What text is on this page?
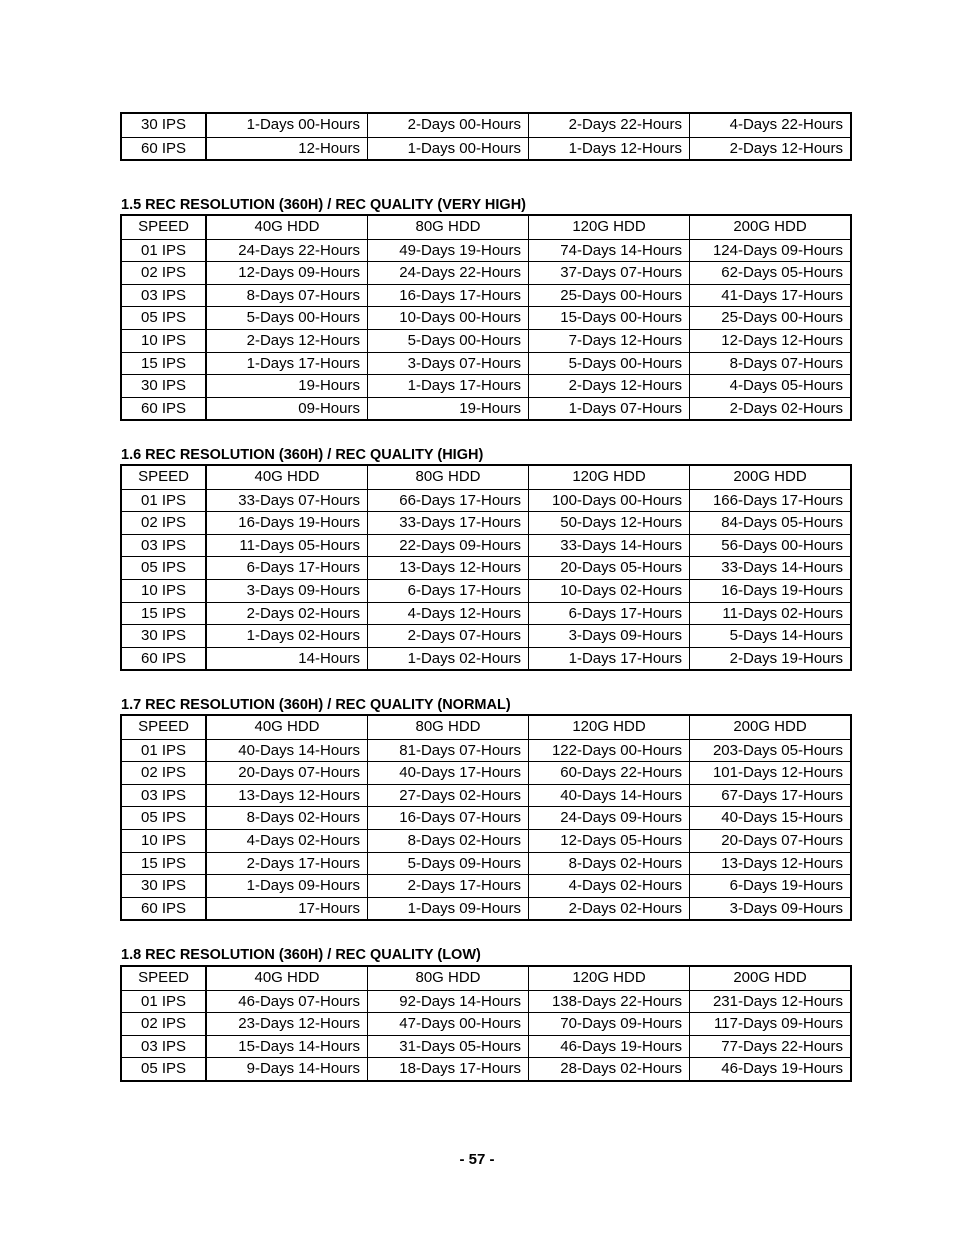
30 IPS	1-Days 00-Hours	2-Days 00-Hours	2-Days 22-Hours	4-Days 22-Hours
60 IPS	12-Hours	1-Days 00-Hours	1-Days 12-Hours	2-Days 12-Hours
1.5 REC RESOLUTION (360H) / REC QUALITY (VERY HIGH)
1.6 REC RESOLUTION (360H) / REC QUALITY (HIGH)
1.7 REC RESOLUTION (360H) / REC QUALITY (NORMAL)
1.8 REC RESOLUTION (360H) / REC QUALITY (LOW)
SPEED	40G HDD	80G HDD	120G HDD	200G HDD
01 IPS	24-Days 22-Hours	49-Days 19-Hours	74-Days 14-Hours	124-Days 09-Hours
02 IPS	12-Days 09-Hours	24-Days 22-Hours	37-Days 07-Hours	62-Days 05-Hours
03 IPS	8-Days 07-Hours	16-Days 17-Hours	25-Days 00-Hours	41-Days 17-Hours
05 IPS	5-Days 00-Hours	10-Days 00-Hours	15-Days 00-Hours	25-Days 00-Hours
10 IPS	2-Days 12-Hours	5-Days 00-Hours	7-Days 12-Hours	12-Days 12-Hours
15 IPS	1-Days 17-Hours	3-Days 07-Hours	5-Days 00-Hours	8-Days 07-Hours
30 IPS	19-Hours	1-Days 17-Hours	2-Days 12-Hours	4-Days 05-Hours
60 IPS	09-Hours	19-Hours	1-Days 07-Hours	2-Days 02-Hours
SPEED	40G HDD	80G HDD	120G HDD	200G HDD
01 IPS	33-Days 07-Hours	66-Days 17-Hours	100-Days 00-Hours	166-Days 17-Hours
02 IPS	16-Days 19-Hours	33-Days 17-Hours	50-Days 12-Hours	84-Days 05-Hours
03 IPS	11-Days 05-Hours	22-Days 09-Hours	33-Days 14-Hours	56-Days 00-Hours
05 IPS	6-Days 17-Hours	13-Days 12-Hours	20-Days 05-Hours	33-Days 14-Hours
10 IPS	3-Days 09-Hours	6-Days 17-Hours	10-Days 02-Hours	16-Days 19-Hours
15 IPS	2-Days 02-Hours	4-Days 12-Hours	6-Days 17-Hours	11-Days 02-Hours
30 IPS	1-Days 02-Hours	2-Days 07-Hours	3-Days 09-Hours	5-Days 14-Hours
60 IPS	14-Hours	1-Days 02-Hours	1-Days 17-Hours	2-Days 19-Hours
SPEED	40G HDD	80G HDD	120G HDD	200G HDD
01 IPS	40-Days 14-Hours	81-Days 07-Hours	122-Days 00-Hours	203-Days 05-Hours
02 IPS	20-Days 07-Hours	40-Days 17-Hours	60-Days 22-Hours	101-Days 12-Hours
03 IPS	13-Days 12-Hours	27-Days 02-Hours	40-Days 14-Hours	67-Days 17-Hours
05 IPS	8-Days 02-Hours	16-Days 07-Hours	24-Days 09-Hours	40-Days 15-Hours
10 IPS	4-Days 02-Hours	8-Days 02-Hours	12-Days 05-Hours	20-Days 07-Hours
15 IPS	2-Days 17-Hours	5-Days 09-Hours	8-Days 02-Hours	13-Days 12-Hours
30 IPS	1-Days 09-Hours	2-Days 17-Hours	4-Days 02-Hours	6-Days 19-Hours
60 IPS	17-Hours	1-Days 09-Hours	2-Days 02-Hours	3-Days 09-Hours
SPEED	40G HDD	80G HDD	120G HDD	200G HDD
01 IPS	46-Days 07-Hours	92-Days 14-Hours	138-Days 22-Hours	231-Days 12-Hours
02 IPS	23-Days 12-Hours	47-Days 00-Hours	70-Days 09-Hours	117-Days 09-Hours
03 IPS	15-Days 14-Hours	31-Days 05-Hours	46-Days 19-Hours	77-Days 22-Hours
05 IPS	9-Days 14-Hours	18-Days 17-Hours	28-Days 02-Hours	46-Days 19-Hours
- 57 -
